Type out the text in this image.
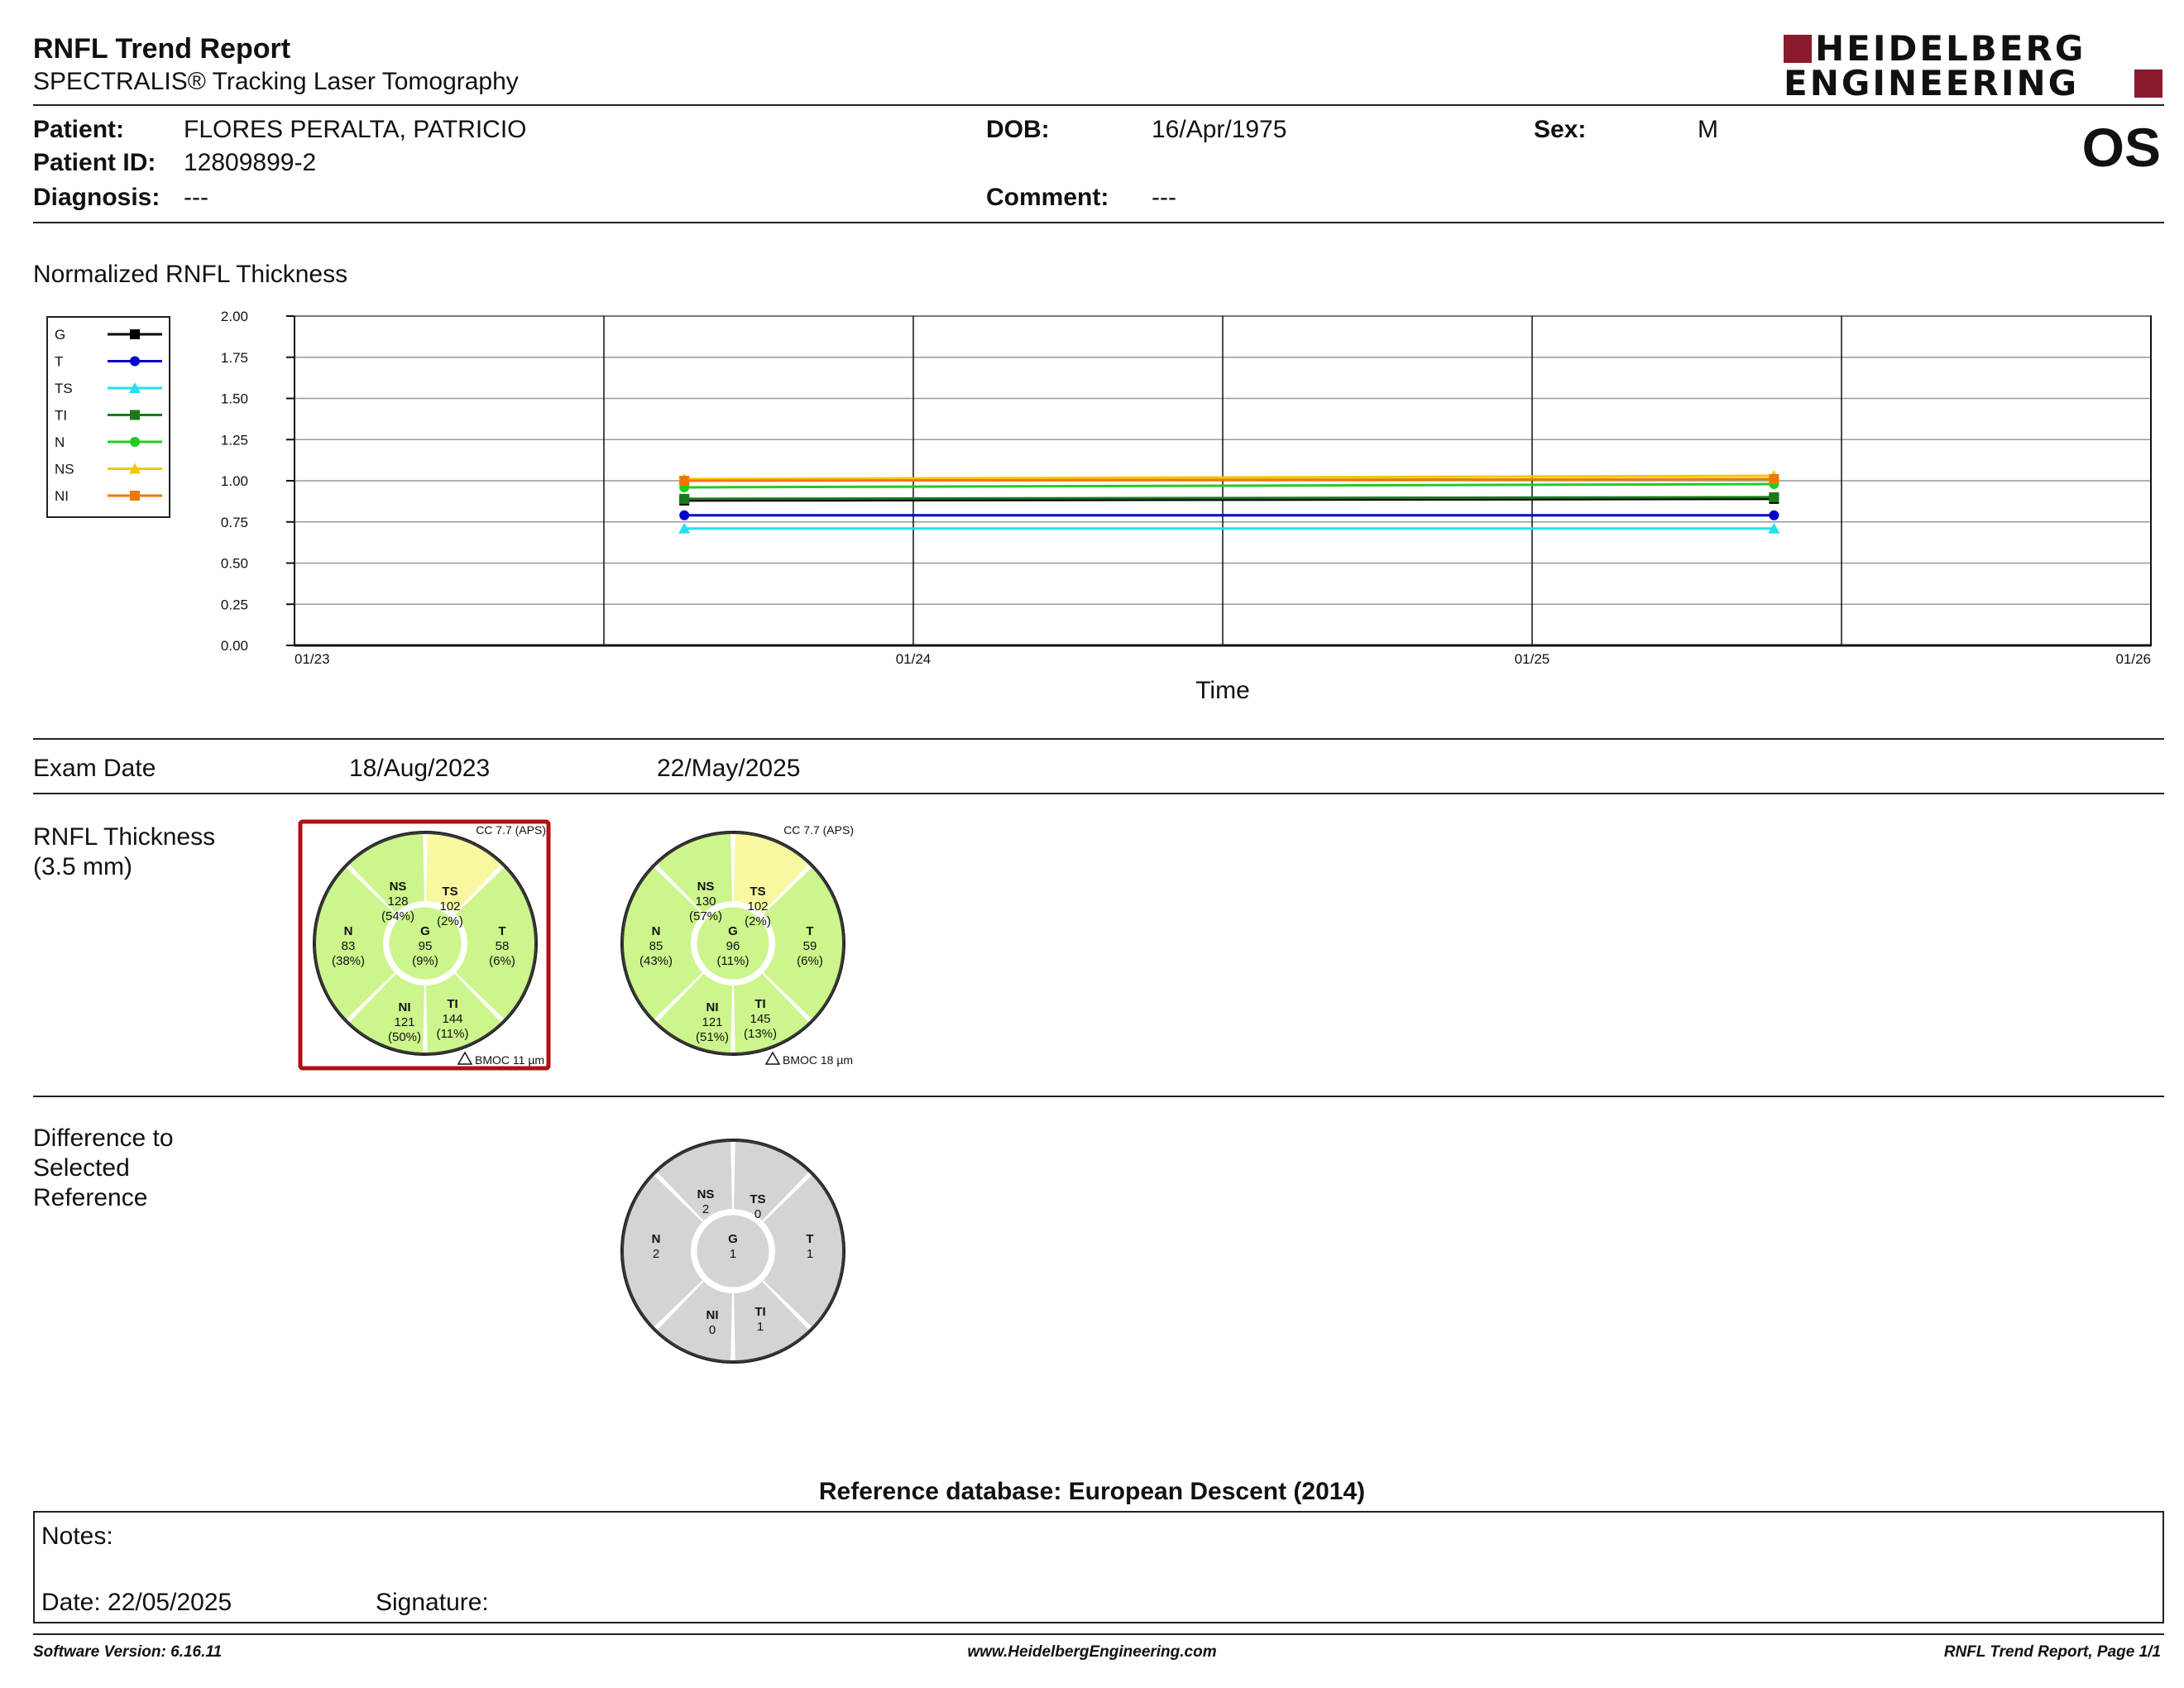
RNFL Trend Report
SPECTRALIS® Tracking Laser Tomography
HEIDELBERG
ENGINEERING
Patient: FLORES PERALTA, PATRICIO	DOB:	16/Apr/1975	Sex:	M	OS
Patient ID: 12809899-2
Diagnosis: ---	Comment: ---
Normalized RNFL Thickness
G
T
TS
TI
N
NS
NI
0.00
0.25
0.50
0.75
1.00
1.25
1.50
1.75
2.00
01/23	01/24	01/25	01/26
Time
Exam Date	18/Aug/2023	22/May/2025
RNFL Thickness
(3.5 mm)
NS
128
(54%)
TS
102
(2%)
N
83
(38%)
T
58
(6%)
NI
121
(50%)
TI
144
(11%)
G
95
(9%)
CC 7.7 (APS)
BMOC 11 µm
NS
130
(57%)
TS
102
(2%)
N
85
(43%)
T
59
(6%)
NI
121
(51%)
TI
145
(13%)
G
96
(11%)
CC 7.7 (APS)
BMOC 18 µm
Difference to
Selected
Reference	NS
2
TS
0
N
2
T
1
NI
0
TI
1
G
1
Reference database: European Descent (2014)
Notes:
Date: 22/05/2025	Signature:
Software Version: 6.16.11	www.HeidelbergEngineering.com	RNFL Trend Report, Page 1/1
